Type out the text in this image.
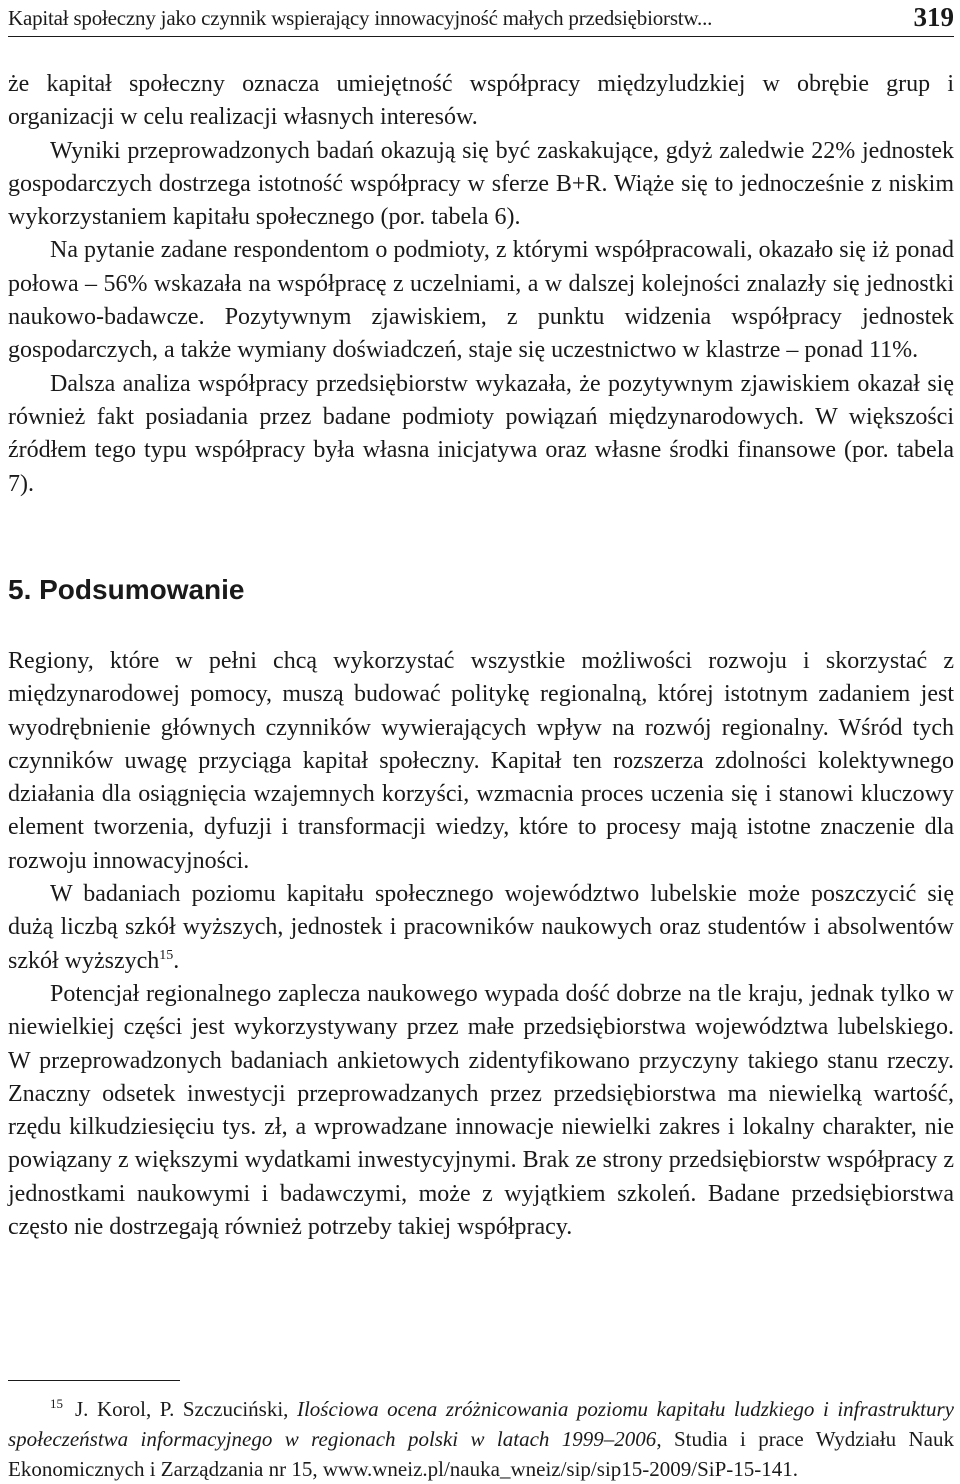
Kapitał społeczny jako czynnik wspierający innowacyjność małych przedsiębiorstw...	319

że kapitał społeczny oznacza umiejętność współpracy międzyludzkiej w obrębie grup i organizacji w celu realizacji własnych interesów.

Wyniki przeprowadzonych badań okazują się być zaskakujące, gdyż zaledwie 22% jednostek gospodarczych dostrzega istotność współpracy w sferze B+R. Wiąże się to jednocześnie z niskim wykorzystaniem kapitału społecznego (por. tabela 6).

Na pytanie zadane respondentom o podmioty, z którymi współpracowali, okazało się iż ponad połowa – 56% wskazała na współpracę z uczelniami, a w dalszej kolejności znalazły się jednostki naukowo-badawcze. Pozytywnym zjawiskiem, z punktu widzenia współpracy jednostek gospodarczych, a także wymiany doświadczeń, staje się uczestnictwo w klastrze – ponad 11%.

Dalsza analiza współpracy przedsiębiorstw wykazała, że pozytywnym zjawiskiem okazał się również fakt posiadania przez badane podmioty powiązań międzynarodowych. W większości źródłem tego typu współpracy była własna inicjatywa oraz własne środki finansowe (por. tabela 7).

5. Podsumowanie

Regiony, które w pełni chcą wykorzystać wszystkie możliwości rozwoju i skorzystać z międzynarodowej pomocy, muszą budować politykę regionalną, której istotnym zadaniem jest wyodrębnienie głównych czynników wywierających wpływ na rozwój regionalny. Wśród tych czynników uwagę przyciąga kapitał społeczny. Kapitał ten rozszerza zdolności kolektywnego działania dla osiągnięcia wzajemnych korzyści, wzmacnia proces uczenia się i stanowi kluczowy element tworzenia, dyfuzji i transformacji wiedzy, które to procesy mają istotne znaczenie dla rozwoju innowacyjności.

W badaniach poziomu kapitału społecznego województwo lubelskie może poszczycić się dużą liczbą szkół wyższych, jednostek i pracowników naukowych oraz studentów i absolwentów szkół wyższych$^{15}$.

Potencjał regionalnego zaplecza naukowego wypada dość dobrze na tle kraju, jednak tylko w niewielkiej części jest wykorzystywany przez małe przedsiębiorstwa województwa lubelskiego. W przeprowadzonych badaniach ankietowych zidentyfikowano przyczyny takiego stanu rzeczy. Znaczny odsetek inwestycji przeprowadzanych przez przedsiębiorstwa ma niewielką wartość, rzędu kilkudziesięciu tys. zł, a wprowadzane innowacje niewielki zakres i lokalny charakter, nie powiązany z większymi wydatkami inwestycyjnymi. Brak ze strony przedsiębiorstw współpracy z jednostkami naukowymi i badawczymi, może z wyjątkiem szkoleń. Badane przedsiębiorstwa często nie dostrzegają również potrzeby takiej współpracy.

$^{15}$ J. Korol, P. Szczuciński, Ilościowa ocena zróżnicowania poziomu kapitału ludzkiego i infrastruktury społeczeństwa informacyjnego w regionach polski w latach 1999–2006, Studia i prace Wydziału Nauk Ekonomicznych i Zarządzania nr 15, www.wneiz.pl/nauka_wneiz/sip/sip15-2009/SiP-15-141.
